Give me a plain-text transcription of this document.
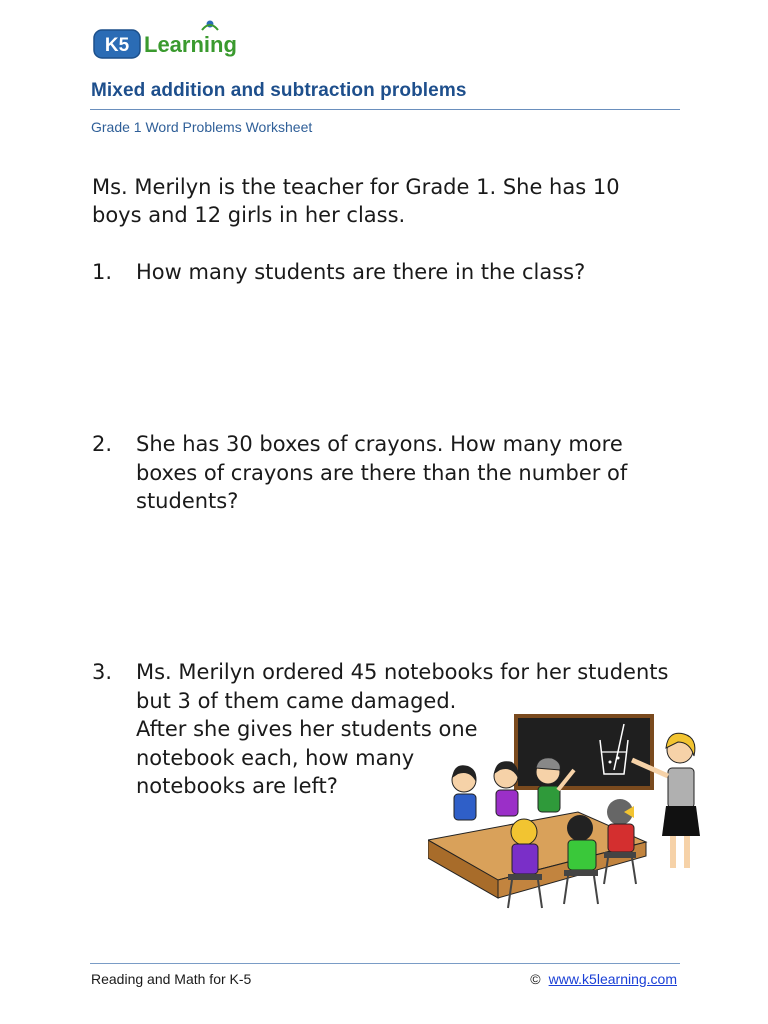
K5 Learning
Mixed addition and subtraction problems
Grade 1 Word Problems Worksheet
Ms. Merilyn is the teacher for Grade 1. She has 10 boys and 12 girls in her class.
1. How many students are there in the class?
2. She has 30 boxes of crayons. How many more
boxes of crayons are there than the number of
students?
3. Ms. Merilyn ordered 45 notebooks for her students
but 3 of them came damaged.
After she gives her students one
notebook each, how many
notebooks are left?
Reading and Math for K-5	© www.k5learning.com
